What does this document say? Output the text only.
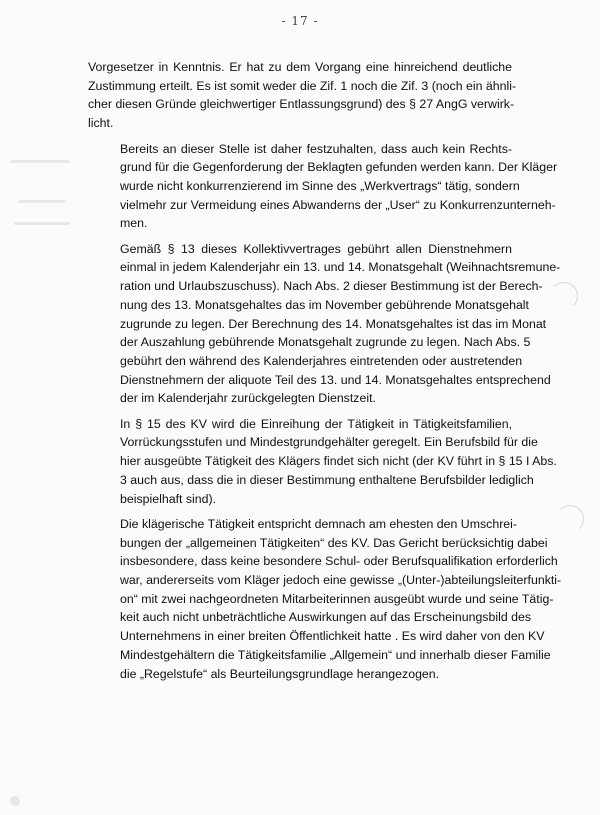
- 17 -

Vorgesetzer in Kenntnis. Er hat zu dem Vorgang eine hinreichend deutliche
Zustimmung erteilt. Es ist somit weder die Zif. 1 noch die Zif. 3 (noch ein ähnli-
cher diesen Gründe gleichwertiger Entlassungsgrund) des § 27 AngG verwirk-
licht.

Bereits an dieser Stelle ist daher festzuhalten, dass auch kein Rechts-
grund für die Gegenforderung der Beklagten gefunden werden kann. Der Kläger
wurde nicht konkurrenzierend im Sinne des „Werkvertrags“ tätig, sondern
vielmehr zur Vermeidung eines Abwanderns der „User“ zu Konkurrenzunterneh-
men.

Gemäß § 13 dieses Kollektivvertrages gebührt allen Dienstnehmern
einmal in jedem Kalenderjahr ein 13. und 14. Monatsgehalt (Weihnachtsremune-
ration und Urlaubszuschuss). Nach Abs. 2 dieser Bestimmung ist der Berech-
nung des 13. Monatsgehaltes das im November gebührende Monatsgehalt
zugrunde zu legen. Der Berechnung des 14. Monatsgehaltes ist das im Monat
der Auszahlung gebührende Monatsgehalt zugrunde zu legen. Nach Abs. 5
gebührt den während des Kalenderjahres eintretenden oder austretenden
Dienstnehmern der aliquote Teil des 13. und 14. Monatsgehaltes entsprechend
der im Kalenderjahr zurückgelegten Dienstzeit.

In § 15 des KV wird die Einreihung der Tätigkeit in Tätigkeitsfamilien,
Vorrückungsstufen und Mindestgrundgehälter geregelt. Ein Berufsbild für die
hier ausgeübte Tätigkeit des Klägers findet sich nicht (der KV führt in § 15 I Abs.
3 auch aus, dass die in dieser Bestimmung enthaltene Berufsbilder lediglich
beispielhaft sind).

Die klägerische Tätigkeit entspricht demnach am ehesten den Umschrei-
bungen der „allgemeinen Tätigkeiten“ des KV. Das Gericht berücksichtig dabei
insbesondere, dass keine besondere Schul- oder Berufsqualifikation erforderlich
war, andererseits vom Kläger jedoch eine gewisse „(Unter-)abteilungsleiterfunkti-
on“ mit zwei nachgeordneten Mitarbeiterinnen ausgeübt wurde und seine Tätig-
keit auch nicht unbeträchtliche Auswirkungen auf das Erscheinungsbild des
Unternehmens in einer breiten Öffentlichkeit hatte . Es wird daher von den KV
Mindestgehältern die Tätigkeitsfamilie „Allgemein“ und innerhalb dieser Familie
die „Regelstufe“ als Beurteilungsgrundlage herangezogen.
